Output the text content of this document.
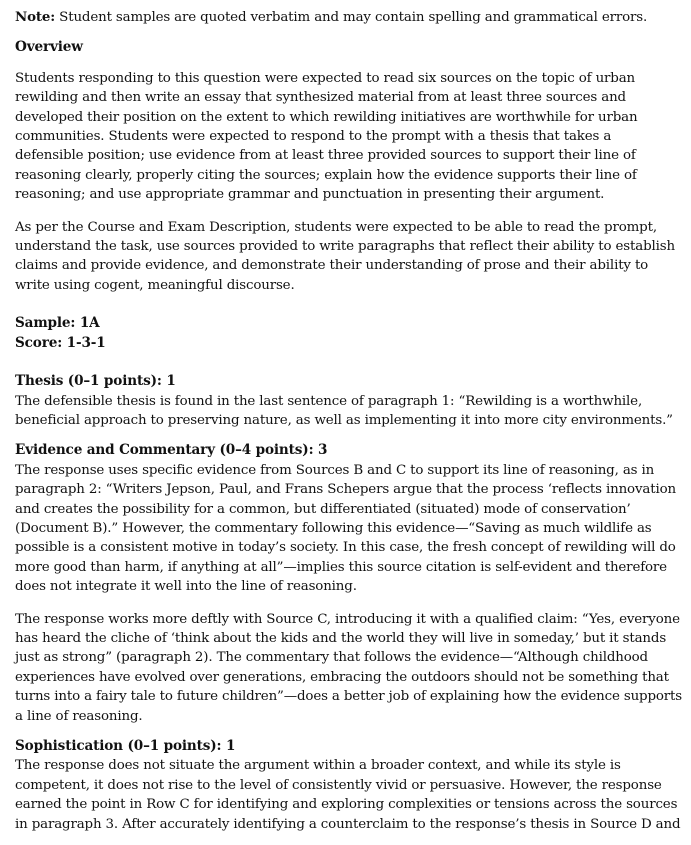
Note: Student samples are quoted verbatim and may contain spelling and grammatical errors.

Overview

Students responding to this question were expected to read six sources on the topic of urban rewilding and then write an essay that synthesized material from at least three sources and developed their position on the extent to which rewilding initiatives are worthwhile for urban communities. Students were expected to respond to the prompt with a thesis that takes a defensible position; use evidence from at least three provided sources to support their line of reasoning clearly, properly citing the sources; explain how the evidence supports their line of reasoning; and use appropriate grammar and punctuation in presenting their argument.

As per the Course and Exam Description, students were expected to be able to read the prompt, understand the task, use sources provided to write paragraphs that reflect their ability to establish claims and provide evidence, and demonstrate their understanding of prose and their ability to write using cogent, meaningful discourse.

Sample: 1A

Score: 1-3-1

Thesis (0–1 points): 1

The defensible thesis is found in the last sentence of paragraph 1: “Rewilding is a worthwhile, beneficial approach to preserving nature, as well as implementing it into more city environments.”

Evidence and Commentary (0–4 points): 3

The response uses specific evidence from Sources B and C to support its line of reasoning, as in paragraph 2: “Writers Jepson, Paul, and Frans Schepers argue that the process ‘reflects innovation and creates the possibility for a common, but differentiated (situated) mode of conservation’ (Document B).” However, the commentary following this evidence—“Saving as much wildlife as possible is a consistent motive in today’s society. In this case, the fresh concept of rewilding will do more good than harm, if anything at all”—implies this source citation is self-evident and therefore does not integrate it well into the line of reasoning.

The response works more deftly with Source C, introducing it with a qualified claim: “Yes, everyone has heard the cliche of ‘think about the kids and the world they will live in someday,’ but it stands just as strong” (paragraph 2). The commentary that follows the evidence—“Although childhood experiences have evolved over generations, embracing the outdoors should not be something that turns into a fairy tale to future children”—does a better job of explaining how the evidence supports a line of reasoning.

Sophistication (0–1 points): 1

The response does not situate the argument within a broader context, and while its style is competent, it does not rise to the level of consistently vivid or persuasive. However, the response earned the point in Row C for identifying and exploring complexities or tensions across the sources in paragraph 3. After accurately identifying a counterclaim to the response’s thesis in Source D and
